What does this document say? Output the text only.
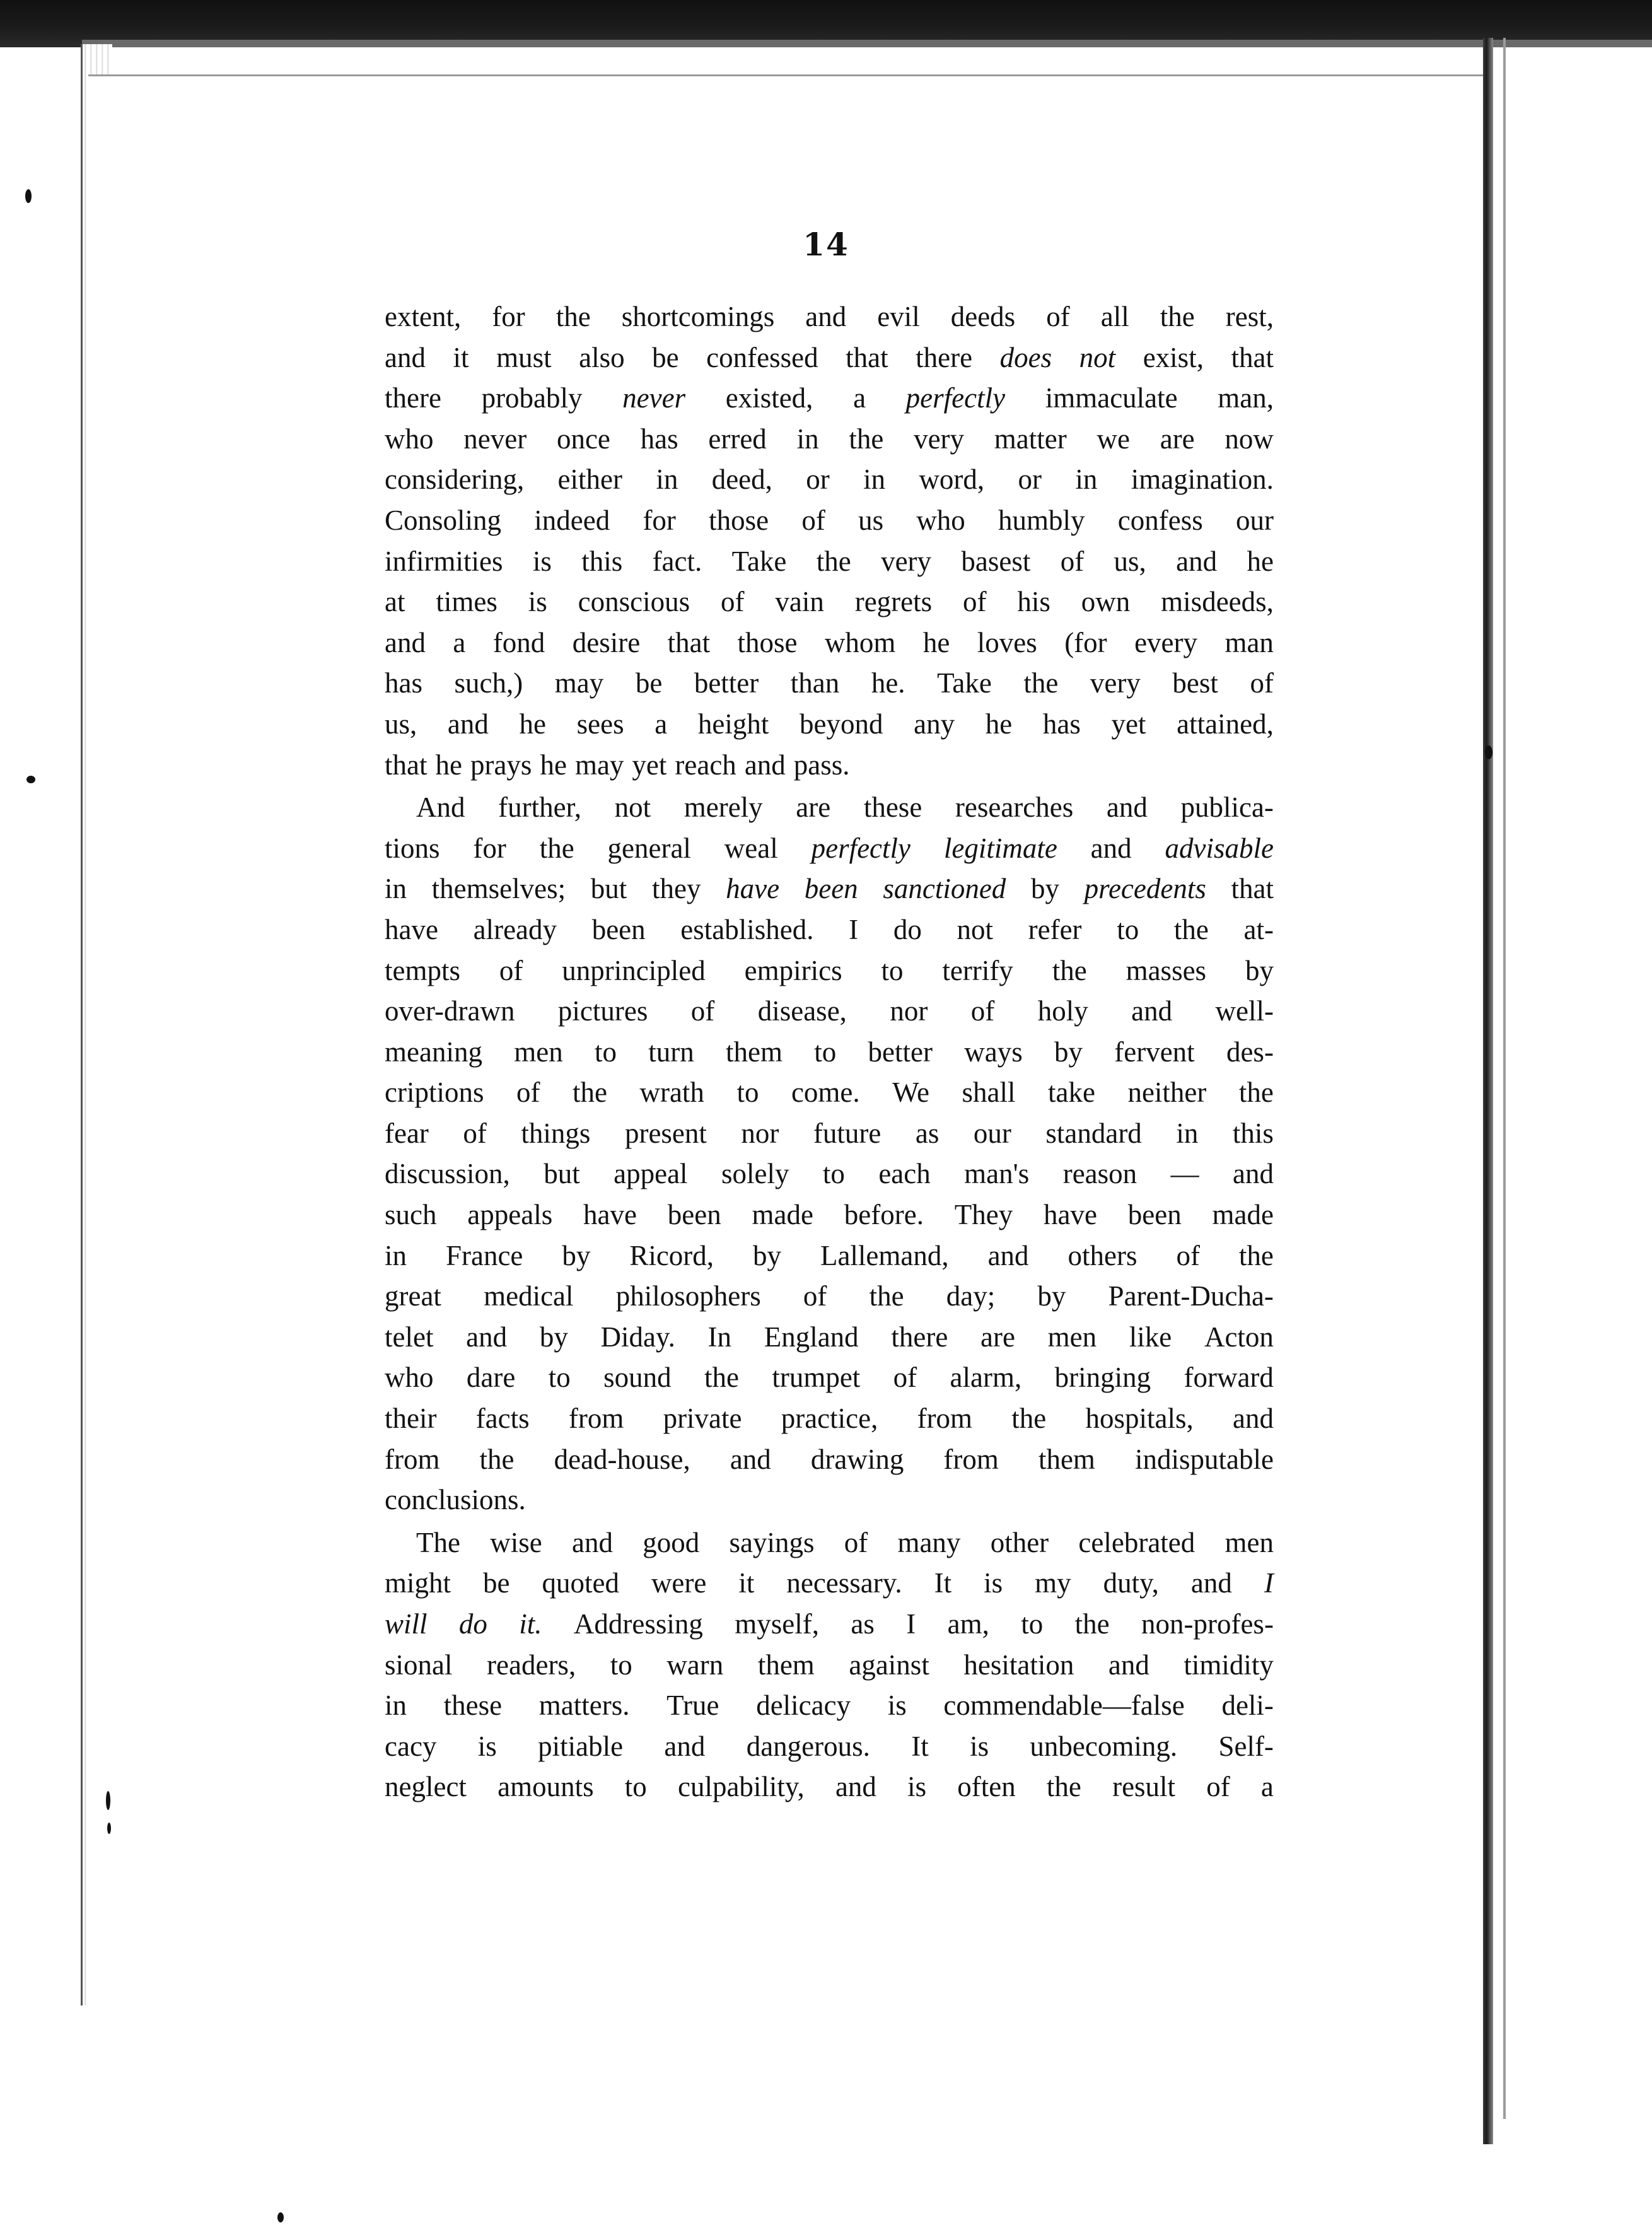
14
extent, for the shortcomings and evil deeds of all the rest,
and it must also be confessed that there does not exist, that
there probably never existed, a perfectly immaculate man,
who never once has erred in the very matter we are now
considering, either in deed, or in word, or in imagination.
Consoling indeed for those of us who humbly confess our
infirmities is this fact. Take the very basest of us, and he
at times is conscious of vain regrets of his own misdeeds,
and a fond desire that those whom he loves (for every man
has such,) may be better than he. Take the very best of
us, and he sees a height beyond any he has yet attained,
that he prays he may yet reach and pass.
And further, not merely are these researches and publica-
tions for the general weal perfectly legitimate and advisable
in themselves; but they have been sanctioned by precedents that
have already been established. I do not refer to the at-
tempts of unprincipled empirics to terrify the masses by
over-drawn pictures of disease, nor of holy and well-
meaning men to turn them to better ways by fervent des-
criptions of the wrath to come. We shall take neither the
fear of things present nor future as our standard in this
discussion, but appeal solely to each man's reason — and
such appeals have been made before. They have been made
in France by Ricord, by Lallemand, and others of the
great medical philosophers of the day; by Parent-Ducha-
telet and by Diday. In England there are men like Acton
who dare to sound the trumpet of alarm, bringing forward
their facts from private practice, from the hospitals, and
from the dead-house, and drawing from them indisputable
conclusions.
The wise and good sayings of many other celebrated men
might be quoted were it necessary. It is my duty, and I
will do it. Addressing myself, as I am, to the non-profes-
sional readers, to warn them against hesitation and timidity
in these matters. True delicacy is commendable—false deli-
cacy is pitiable and dangerous. It is unbecoming. Self-
neglect amounts to culpability, and is often the result of a
